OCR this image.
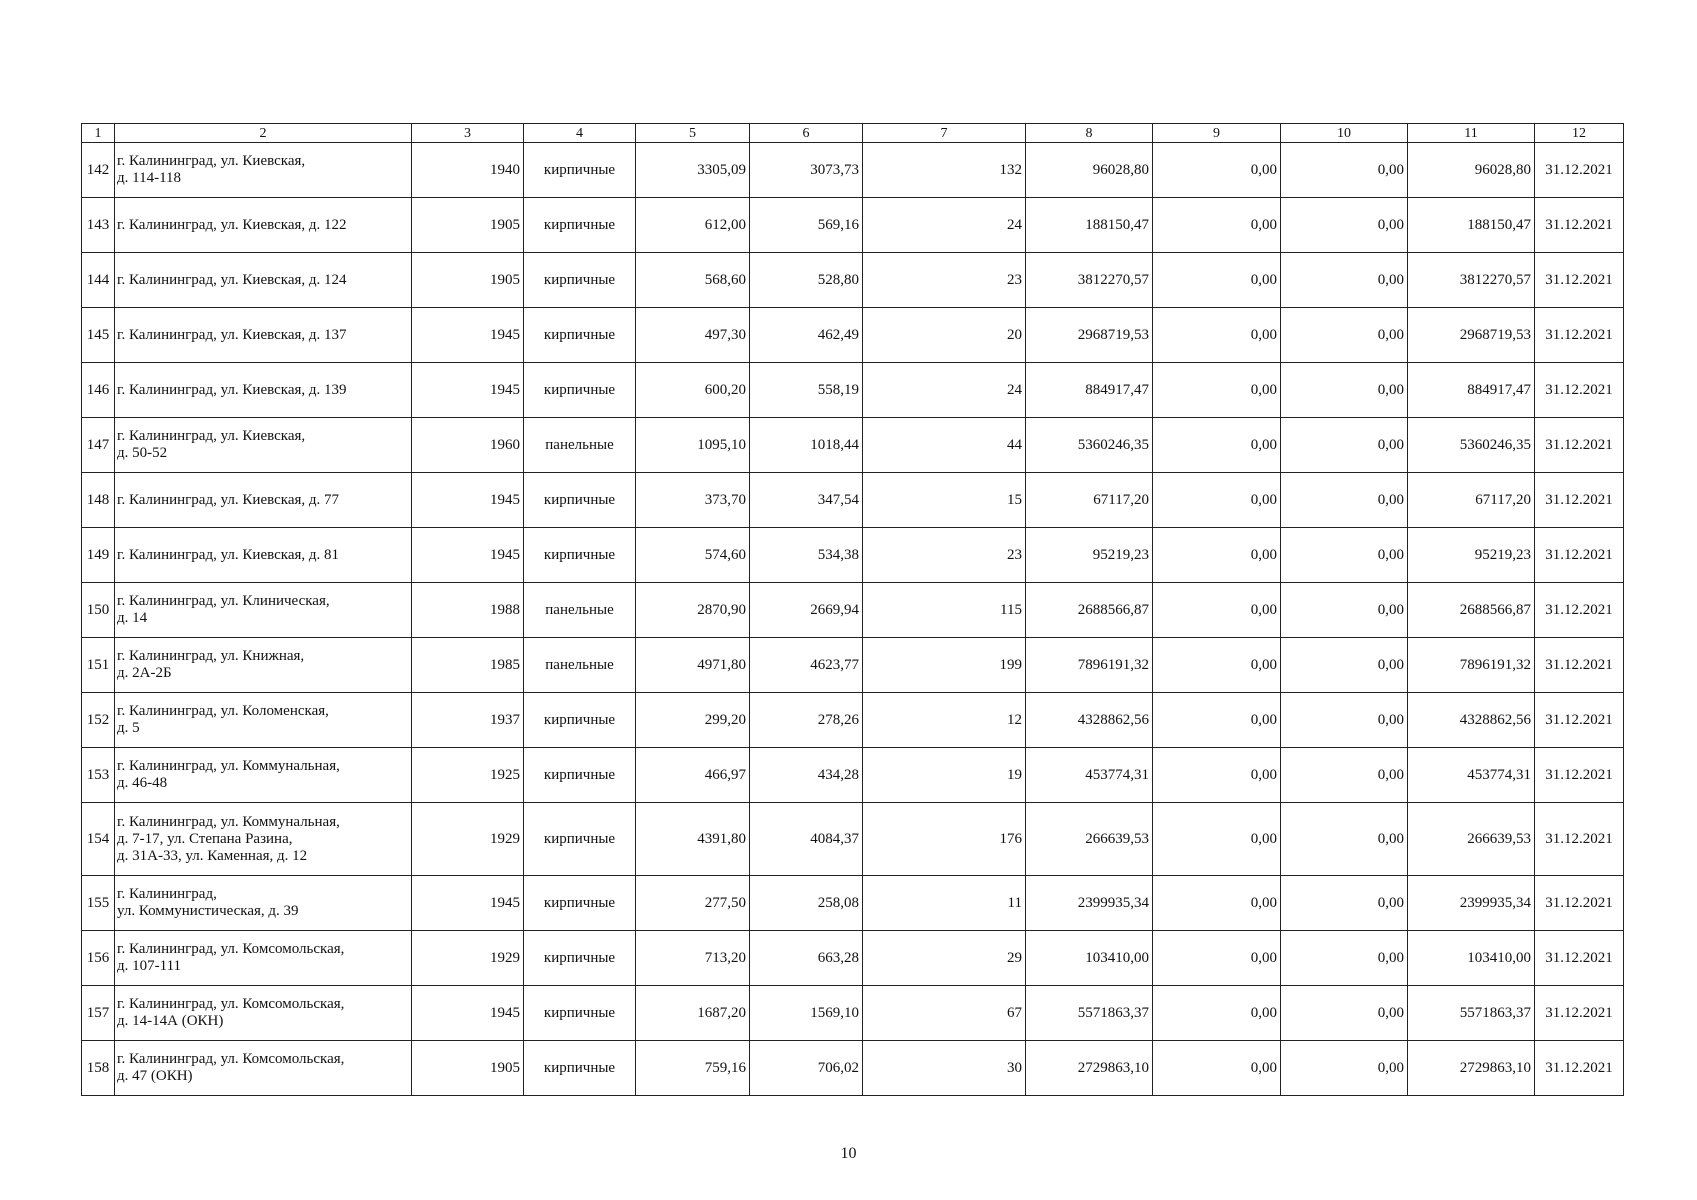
1	2	3	4	5	6	7	8	9	10	11	12
142	г. Калининград, ул. Киевская,
д. 114-118	1940	кирпичные	3305,09	3073,73	132	96028,80	0,00	0,00	96028,80	31.12.2021
143	г. Калининград, ул. Киевская, д. 122	1905	кирпичные	612,00	569,16	24	188150,47	0,00	0,00	188150,47	31.12.2021
144	г. Калининград, ул. Киевская, д. 124	1905	кирпичные	568,60	528,80	23	3812270,57	0,00	0,00	3812270,57	31.12.2021
145	г. Калининград, ул. Киевская, д. 137	1945	кирпичные	497,30	462,49	20	2968719,53	0,00	0,00	2968719,53	31.12.2021
146	г. Калининград, ул. Киевская, д. 139	1945	кирпичные	600,20	558,19	24	884917,47	0,00	0,00	884917,47	31.12.2021
147	г. Калининград, ул. Киевская,
д. 50-52	1960	панельные	1095,10	1018,44	44	5360246,35	0,00	0,00	5360246,35	31.12.2021
148	г. Калининград, ул. Киевская, д. 77	1945	кирпичные	373,70	347,54	15	67117,20	0,00	0,00	67117,20	31.12.2021
149	г. Калининград, ул. Киевская, д. 81	1945	кирпичные	574,60	534,38	23	95219,23	0,00	0,00	95219,23	31.12.2021
150	г. Калининград, ул. Клиническая,
д. 14	1988	панельные	2870,90	2669,94	115	2688566,87	0,00	0,00	2688566,87	31.12.2021
151	г. Калининград, ул. Книжная,
д. 2А-2Б	1985	панельные	4971,80	4623,77	199	7896191,32	0,00	0,00	7896191,32	31.12.2021
152	г. Калининград, ул. Коломенская,
д. 5	1937	кирпичные	299,20	278,26	12	4328862,56	0,00	0,00	4328862,56	31.12.2021
153	г. Калининград, ул. Коммунальная,
д. 46-48	1925	кирпичные	466,97	434,28	19	453774,31	0,00	0,00	453774,31	31.12.2021
154	г. Калининград, ул. Коммунальная,
д. 7-17, ул. Степана Разина,
д. 31А-33, ул. Каменная, д. 12	1929	кирпичные	4391,80	4084,37	176	266639,53	0,00	0,00	266639,53	31.12.2021
155	г. Калининград,
ул. Коммунистическая, д. 39	1945	кирпичные	277,50	258,08	11	2399935,34	0,00	0,00	2399935,34	31.12.2021
156	г. Калининград, ул. Комсомольская,
д. 107-111	1929	кирпичные	713,20	663,28	29	103410,00	0,00	0,00	103410,00	31.12.2021
157	г. Калининград, ул. Комсомольская,
д. 14-14А (ОКН)	1945	кирпичные	1687,20	1569,10	67	5571863,37	0,00	0,00	5571863,37	31.12.2021
158	г. Калининград, ул. Комсомольская,
д. 47 (ОКН)	1905	кирпичные	759,16	706,02	30	2729863,10	0,00	0,00	2729863,10	31.12.2021
10
